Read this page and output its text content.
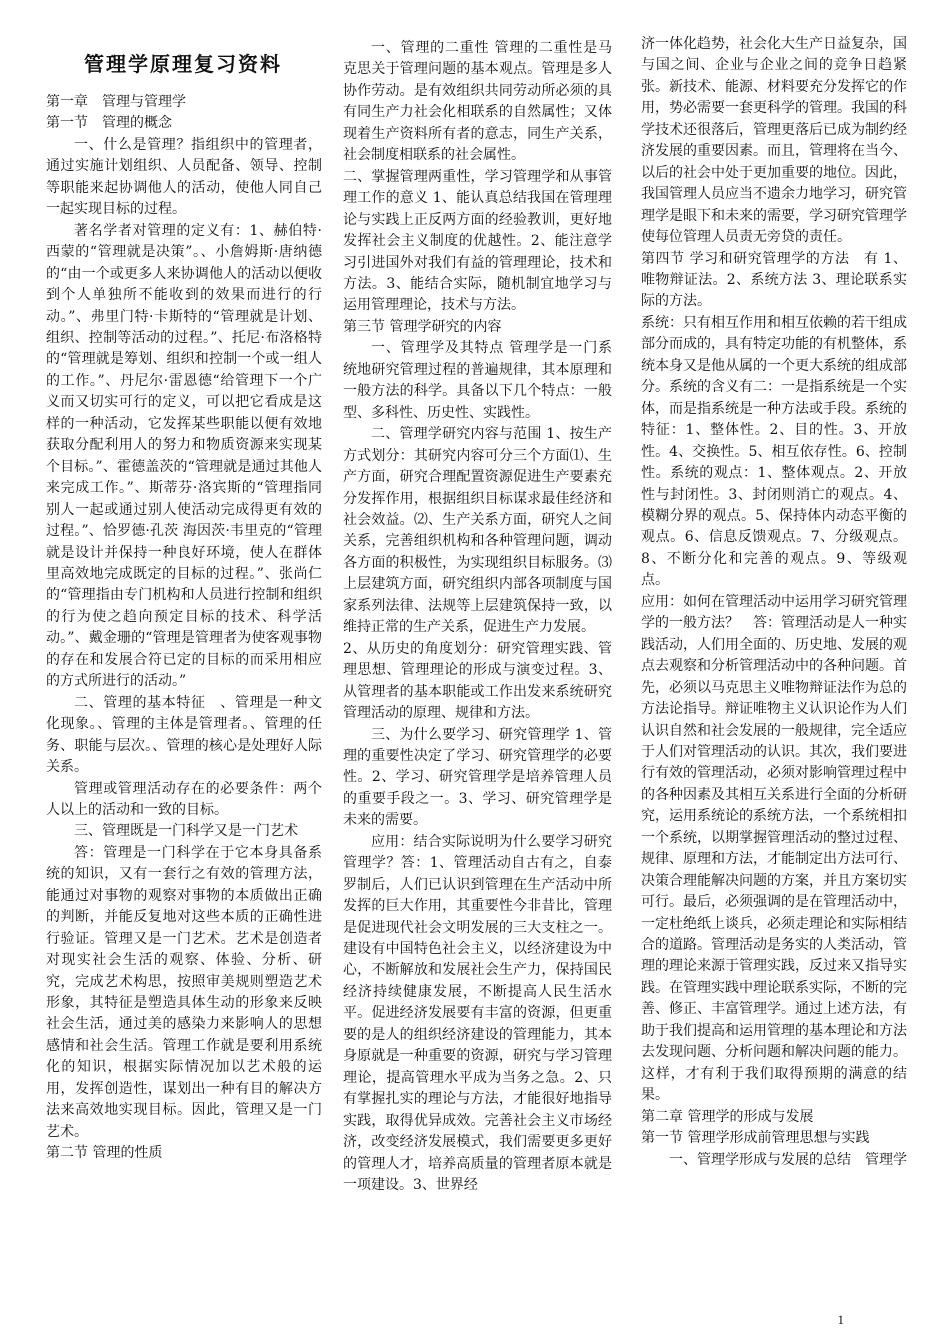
管理学原理复习资料

第一章　管理与管理学

第一节　管理的概念

一、什么是管理？指组织中的管理者，通过实施计划组织、人员配备、领导、控制等职能来起协调他人的活动，使他人同自己一起实现目标的过程。

著名学者对管理的定义有：1、赫伯特·西蒙的“管理就是决策”。、小詹姆斯·唐纳德的“由一个或更多人来协调他人的活动以便收到个人单独所不能收到的效果而进行的行动。”、弗里门特·卡斯特的“管理就是计划、组织、控制等活动的过程。”、托尼·布洛格特的“管理就是筹划、组织和控制一个或一组人的工作。”、丹尼尔·雷恩德“给管理下一个广义而又切实可行的定义，可以把它看成是这样的一种活动，它发挥某些职能以便有效地获取分配利用人的努力和物质资源来实现某个目标。”、霍德盖茨的“管理就是通过其他人来完成工作。”、斯蒂芬·洛宾斯的“管理指同别人一起或通过别人使活动完成得更有效的过程。”、恰罗德·孔茨 海因茨·韦里克的“管理就是设计并保持一种良好环境，使人在群体里高效地完成既定的目标的过程。”、张尚仁的“管理指由专门机构和人员进行控制和组织的行为使之趋向预定目标的技术、科学活动。”、戴金珊的“管理是管理者为使客观事物的存在和发展合符已定的目标的而采用相应的方式所进行的活动。”

二、管理的基本特征　、管理是一种文化现象。、管理的主体是管理者。、管理的任务、职能与层次。、管理的核心是处理好人际关系。

管理或管理活动存在的必要条件：两个人以上的活动和一致的目标。

三、管理既是一门科学又是一门艺术

答：管理是一门科学在于它本身具备系统的知识，又有一套行之有效的管理方法，能通过对事物的观察对事物的本质做出正确的判断，并能反复地对这些本质的正确性进行验证。管理又是一门艺术。艺术是创造者对现实社会生活的观察、体验、分析、研究，完成艺术构思，按照审美规则塑造艺术形象，其特征是塑造具体生动的形象来反映社会生活，通过美的感染力来影响人的思想感情和社会生活。管理工作就是要利用系统化的知识，根据实际情况加以艺术般的运用，发挥创造性，谋划出一种有目的解决方法来高效地实现目标。因此，管理又是一门艺术。

第二节 管理的性质

一、管理的二重性 管理的二重性是马克思关于管理问题的基本观点。管理是多人协作劳动。是有效组织共同劳动所必须的具有同生产力社会化相联系的自然属性；又体现着生产资料所有者的意志，同生产关系，社会制度相联系的社会属性。

二、掌握管理两重性，学习管理学和从事管理工作的意义 1、能认真总结我国在管理理论与实践上正反两方面的经验教训，更好地发挥社会主义制度的优越性。2、能注意学习引进国外对我们有益的管理理论，技术和方法。3、能结合实际，随机制宜地学习与运用管理理论，技术与方法。

第三节 管理学研究的内容

一、管理学及其特点 管理学是一门系统地研究管理过程的普遍规律，其本原理和一般方法的科学。具备以下几个特点：一般型、多科性、历史性、实践性。

二、管理学研究内容与范围 1、按生产方式划分：其研究内容可分三个方面⑴、生产方面，研究合理配置资源促进生产要素充分发挥作用，根据组织目标谋求最佳经济和社会效益。⑵、生产关系方面，研究人之间关系，完善组织机构和各种管理问题，调动各方面的积极性，为实现组织目标服务。⑶上层建筑方面，研究组织内部各项制度与国家系列法律、法规等上层建筑保持一致，以维持正常的生产关系，促进生产力发展。

2、从历史的角度划分：研究管理实践、管理思想、管理理论的形成与演变过程。3、从管理者的基本职能或工作出发来系统研究管理活动的原理、规律和方法。

三、为什么要学习、研究管理学 1、管理的重要性决定了学习、研究管理学的必要性。2、学习、研究管理学是培养管理人员的重要手段之一。3、学习、研究管理学是未来的需要。

应用：结合实际说明为什么要学习研究管理学？答：1、管理活动自古有之，自泰罗制后，人们已认识到管理在生产活动中所发挥的巨大作用，其重要性今非昔比，管理是促进现代社会文明发展的三大支柱之一。建设有中国特色社会主义，以经济建设为中心，不断解放和发展社会生产力，保持国民经济持续健康发展，不断提高人民生活水平。促进经济发展要有丰富的资源，但更重要的是人的组织经济建设的管理能力，其本身原就是一种重要的资源，研究与学习管理理论，提高管理水平成为当务之急。2、只有掌握扎实的理论与方法，才能很好地指导实践，取得优异成效。完善社会主义市场经济，改变经济发展模式，我们需要更多更好的管理人才，培养高质量的管理者原本就是一项建设。3、世界经

济一体化趋势，社会化大生产日益复杂，国与国之间、企业与企业之间的竞争日趋紧张。新技术、能源、材料要充分发挥它的作用，势必需要一套更科学的管理。我国的科学技术还很落后，管理更落后已成为制约经济发展的重要因素。而且，管理将在当今、以后的社会中处于更加重要的地位。因此，我国管理人员应当不遗余力地学习，研究管理学是眼下和未来的需要，学习研究管理学使每位管理人员责无旁贷的责任。

第四节 学习和研究管理学的方法　有 1、唯物辩证法。2、系统方法 3、理论联系实际的方法。

系统：只有相互作用和相互依赖的若干组成部分而成的，具有特定功能的有机整体，系统本身又是他从属的一个更大系统的组成部分。系统的含义有二：一是指系统是一个实体，而是指系统是一种方法或手段。系统的特征：1、整体性。2、目的性。3、开放性。4、交换性。5、相互依存性。6、控制性。系统的观点：1、整体观点。2、开放性与封闭性。3、封闭则消亡的观点。4、模糊分界的观点。5、保持体内动态平衡的观点。6、信息反馈观点。7、分级观点。8、不断分化和完善的观点。9、等级观点。

应用：如何在管理活动中运用学习研究管理学的一般方法？　答：管理活动是人一种实践活动，人们用全面的、历史地、发展的观点去观察和分析管理活动中的各种问题。首先，必须以马克思主义唯物辩证法作为总的方法论指导。辩证唯物主义认识论作为人们认识自然和社会发展的一般规律，完全适应于人们对管理活动的认识。其次，我们要进行有效的管理活动，必须对影响管理过程中的各种因素及其相互关系进行全面的分析研究，运用系统论的系统方法，一个系统相扣一个系统，以期掌握管理活动的整过过程、规律、原理和方法，才能制定出方法可行、决策合理能解决问题的方案，并且方案切实可行。最后，必须强调的是在管理活动中，一定杜绝纸上谈兵，必须走理论和实际相结合的道路。管理活动是务实的人类活动，管理的理论来源于管理实践，反过来又指导实践。在管理实践中理论联系实际，不断的完善、修正、丰富管理学。通过上述方法，有助于我们提高和运用管理的基本理论和方法去发现问题、分析问题和解决问题的能力。这样，才有利于我们取得预期的满意的结果。

第二章 管理学的形成与发展

第一节 管理学形成前管理思想与实践

一、管理学形成与发展的总结　管理学

1
